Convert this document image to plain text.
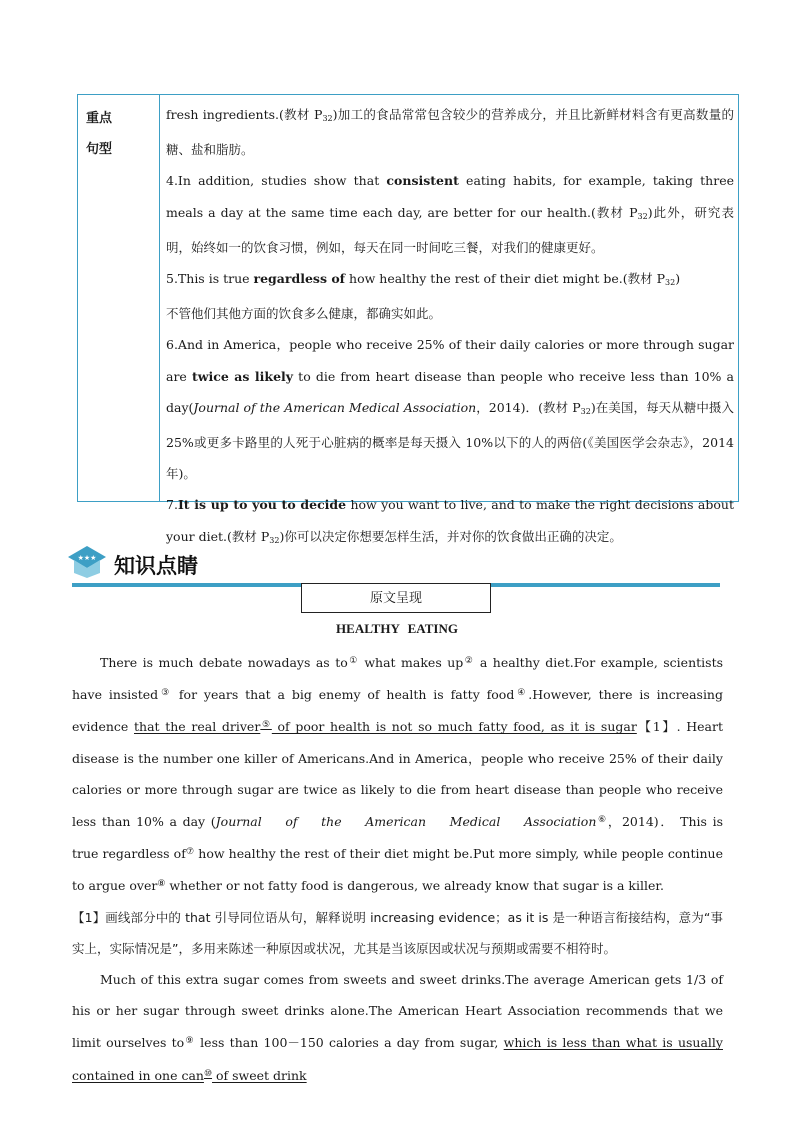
重点
句型

fresh ingredients.(教材 $P_{32}$)加工的食品常常包含较少的营养成分，并且比新鲜材料含有更高数量的糖、盐和脂肪。

4.In addition, studies show that consistent eating habits, for example, taking three meals a day at the same time each day, are better for our health.(教材 $P_{32}$)此外，研究表明，始终如一的饮食习惯，例如，每天在同一时间吃三餐，对我们的健康更好。

5.This is true regardless of how healthy the rest of their diet might be.(教材 $P_{32}$)

不管他们其他方面的饮食多么健康，都确实如此。

6.And in America，people who receive 25% of their daily calories or more through sugar are twice as likely to die from heart disease than people who receive less than 10% a day(Journal of the American Medical Association，2014)．(教材 $P_{32}$)在美国，每天从糖中摄入 25%或更多卡路里的人死于心脏病的概率是每天摄入 10%以下的人的两倍(《美国医学会杂志》，2014 年)。

7.It is up to you to decide how you want to live, and to make the right decisions about your diet.(教材 $P_{32}$)你可以决定你想要怎样生活，并对你的饮食做出正确的决定。

★★★ 知识点睛
原文呈现
HEALTHY EATING

There is much debate nowadays as to① what makes up② a healthy diet.For example, scientists have insisted③ for years that a big enemy of health is fatty food④.However, there is increasing evidence that the real driver⑤ of poor health is not so much fatty food, as it is sugar【1】. Heart disease is the number one killer of Americans.And in America，people who receive 25% of their daily calories or more through sugar are twice as likely to die from heart disease than people who receive less than 10% a day (Journal of the American Medical Association⑥，2014)． This is true regardless of⑦ how healthy the rest of their diet might be.Put more simply, while people continue to argue over⑧ whether or not fatty food is dangerous, we already know that sugar is a killer.

【1】画线部分中的 that 引导同位语从句，解释说明 increasing evidence；as it is 是一种语言衔接结构，意为“事实上，实际情况是”，多用来陈述一种原因或状况，尤其是当该原因或状况与预期或需要不相符时。

Much of this extra sugar comes from sweets and sweet drinks.The average American gets 1/3 of his or her sugar through sweet drinks alone.The American Heart Association recommends that we limit ourselves to⑨ less than 100－150 calories a day from sugar, which is less than what is usually contained in one can⑩ of sweet drink
